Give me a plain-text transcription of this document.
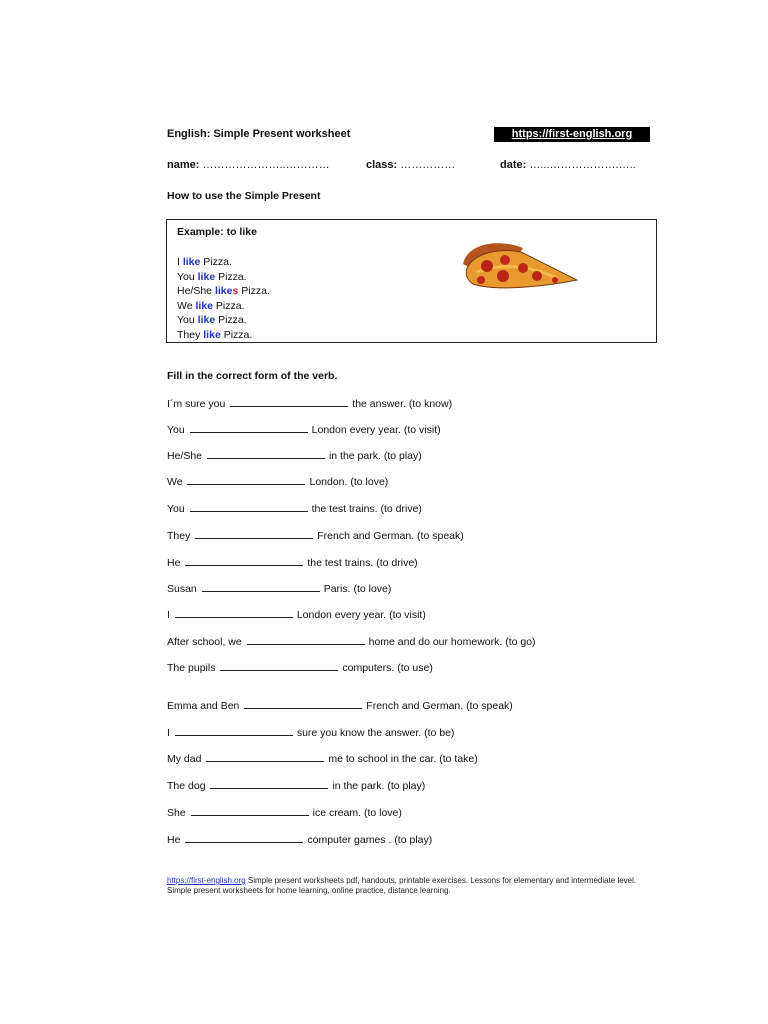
English: Simple Present worksheet	https://first-english.org
name: …………………..…………	class: ……………	date: …...……………….…..
How to use the Simple Present
Example: to like
I like Pizza.
You like Pizza.
He/She likes Pizza.
We like Pizza.
You like Pizza.
They like Pizza.
Fill in the correct form of the verb.
I´m sure you	the answer. (to know)
You	London every year. (to visit)
He/She	in the park. (to play)
We	London. (to love)
You	the test trains. (to drive)
They	French and German. (to speak)
He	the test trains. (to drive)
Susan	Paris. (to love)
I	London every year. (to visit)
After school, we	home and do our homework. (to go)
The pupils	computers. (to use)
Emma and Ben	French and German. (to speak)
I	sure you know the answer. (to be)
My dad	me to school in the car. (to take)
The dog	in the park. (to play)
She	ice cream. (to love)
He	computer games . (to play)
https://first-english.org Simple present worksheets pdf, handouts, printable exercises. Lessons for elementary and intermediate level. Simple present worksheets for home learning, online practice, distance learning.
